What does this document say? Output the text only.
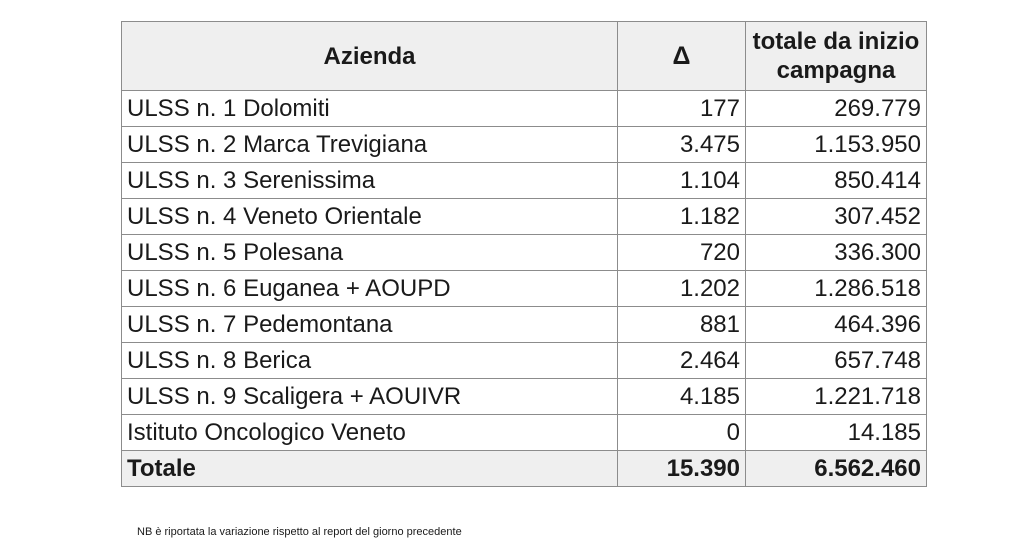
Azienda	Δ	totale da inizio campagna
ULSS n. 1 Dolomiti	177	269.779
ULSS n. 2 Marca Trevigiana	3.475	1.153.950
ULSS n. 3 Serenissima	1.104	850.414
ULSS n. 4 Veneto Orientale	1.182	307.452
ULSS n. 5 Polesana	720	336.300
ULSS n. 6 Euganea + AOUPD	1.202	1.286.518
ULSS n. 7 Pedemontana	881	464.396
ULSS n. 8 Berica	2.464	657.748
ULSS n. 9 Scaligera + AOUIVR	4.185	1.221.718
Istituto Oncologico Veneto	0	14.185
Totale	15.390	6.562.460
NB è riportata la variazione rispetto al report del giorno precedente
